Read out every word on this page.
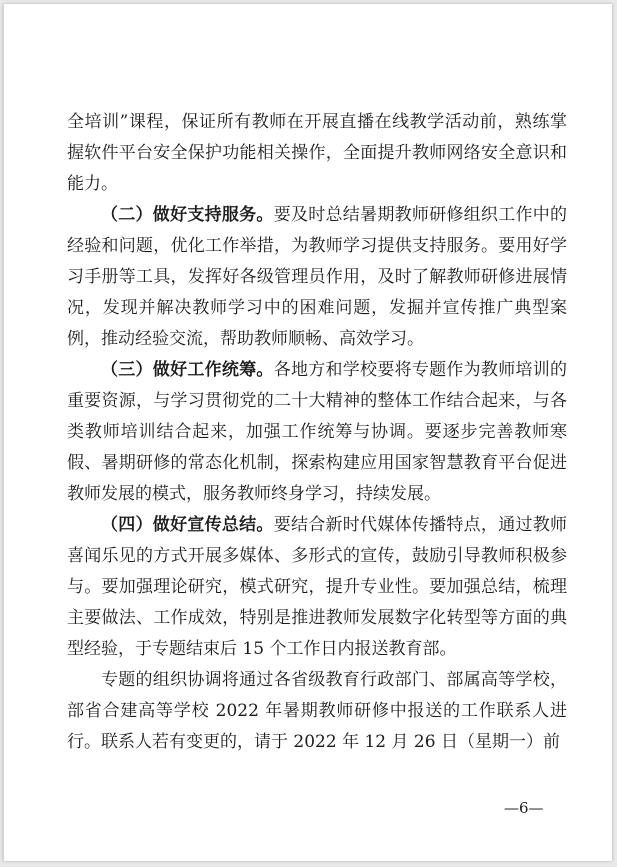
全培训”课程，保证所有教师在开展直播在线教学活动前，熟练掌握软件平台安全保护功能相关操作，全面提升教师网络安全意识和能力。

（二）做好支持服务。要及时总结暑期教师研修组织工作中的经验和问题，优化工作举措，为教师学习提供支持服务。要用好学习手册等工具，发挥好各级管理员作用，及时了解教师研修进展情况，发现并解决教师学习中的困难问题，发掘并宣传推广典型案例，推动经验交流，帮助教师顺畅、高效学习。

（三）做好工作统筹。各地方和学校要将专题作为教师培训的重要资源，与学习贯彻党的二十大精神的整体工作结合起来，与各类教师培训结合起来，加强工作统筹与协调。要逐步完善教师寒假、暑期研修的常态化机制，探索构建应用国家智慧教育平台促进教师发展的模式，服务教师终身学习，持续发展。

（四）做好宣传总结。要结合新时代媒体传播特点，通过教师喜闻乐见的方式开展多媒体、多形式的宣传，鼓励引导教师积极参与。要加强理论研究，模式研究，提升专业性。要加强总结，梳理主要做法、工作成效，特别是推进教师发展数字化转型等方面的典型经验，于专题结束后 15 个工作日内报送教育部。

专题的组织协调将通过各省级教育行政部门、部属高等学校，部省合建高等学校 2022 年暑期教师研修中报送的工作联系人进行。联系人若有变更的，请于 2022 年 12 月 26 日（星期一）前

—6—
